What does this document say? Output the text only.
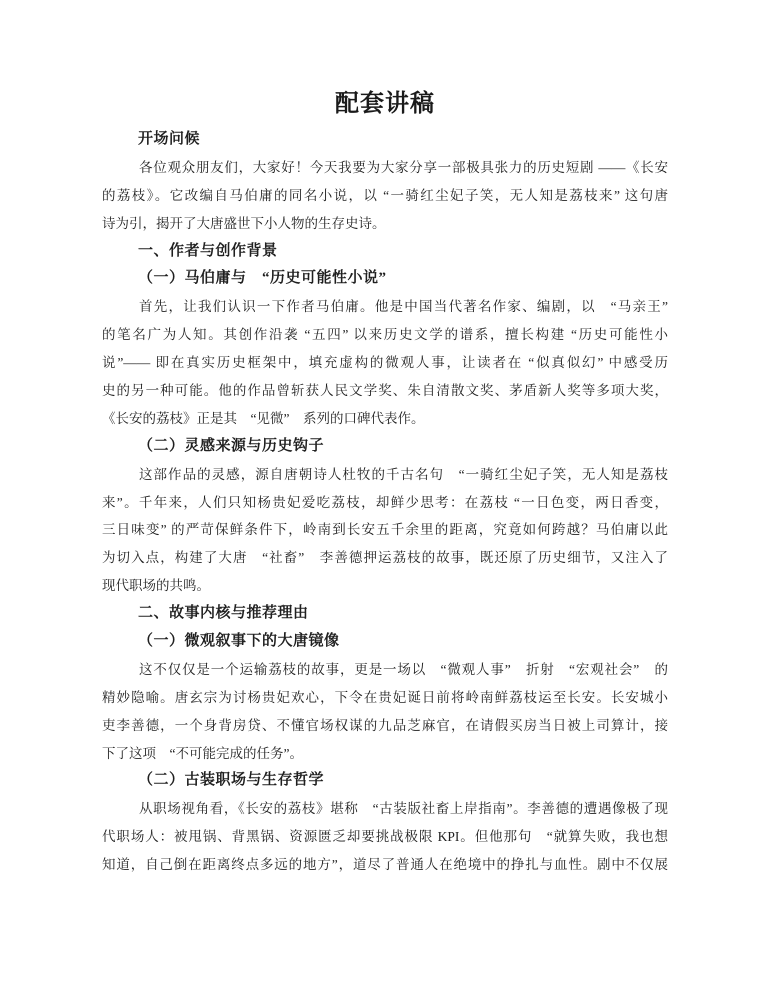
配套讲稿
开场问候
各位观众朋友们，大家好！今天我要为大家分享一部极具张力的历史短剧 ——《长安
的荔枝》。它改编自马伯庸的同名小说，以 “一骑红尘妃子笑，无人知是荔枝来” 这句唐
诗为引，揭开了大唐盛世下小人物的生存史诗。
一、作者与创作背景
（一）马伯庸与　“历史可能性小说”
首先，让我们认识一下作者马伯庸。他是中国当代著名作家、编剧，以　“马亲王”
的笔名广为人知。其创作沿袭 “五四” 以来历史文学的谱系，擅长构建 “历史可能性小
说”—— 即在真实历史框架中，填充虚构的微观人事，让读者在 “似真似幻” 中感受历
史的另一种可能。他的作品曾斩获人民文学奖、朱自清散文奖、茅盾新人奖等多项大奖，
《长安的荔枝》正是其　“见微”　系列的口碑代表作。
（二）灵感来源与历史钩子
这部作品的灵感，源自唐朝诗人杜牧的千古名句　“一骑红尘妃子笑，无人知是荔枝
来”。千年来，人们只知杨贵妃爱吃荔枝，却鲜少思考：在荔枝 “一日色变，两日香变，
三日味变” 的严苛保鲜条件下，岭南到长安五千余里的距离，究竟如何跨越？马伯庸以此
为切入点，构建了大唐　“社畜”　李善德押运荔枝的故事，既还原了历史细节，又注入了
现代职场的共鸣。
二、故事内核与推荐理由
（一）微观叙事下的大唐镜像
这不仅仅是一个运输荔枝的故事，更是一场以　“微观人事”　折射　“宏观社会”　的
精妙隐喻。唐玄宗为讨杨贵妃欢心，下令在贵妃诞日前将岭南鲜荔枝运至长安。长安城小
吏李善德，一个身背房贷、不懂官场权谋的九品芝麻官，在请假买房当日被上司算计，接
下了这项　“不可能完成的任务”。
（二）古装职场与生存哲学
从职场视角看，《长安的荔枝》堪称　“古装版社畜上岸指南”。李善德的遭遇像极了现
代职场人：被甩锅、背黑锅、资源匮乏却要挑战极限 KPI。但他那句　“就算失败，我也想
知道，自己倒在距离终点多远的地方”，道尽了普通人在绝境中的挣扎与血性。剧中不仅展
